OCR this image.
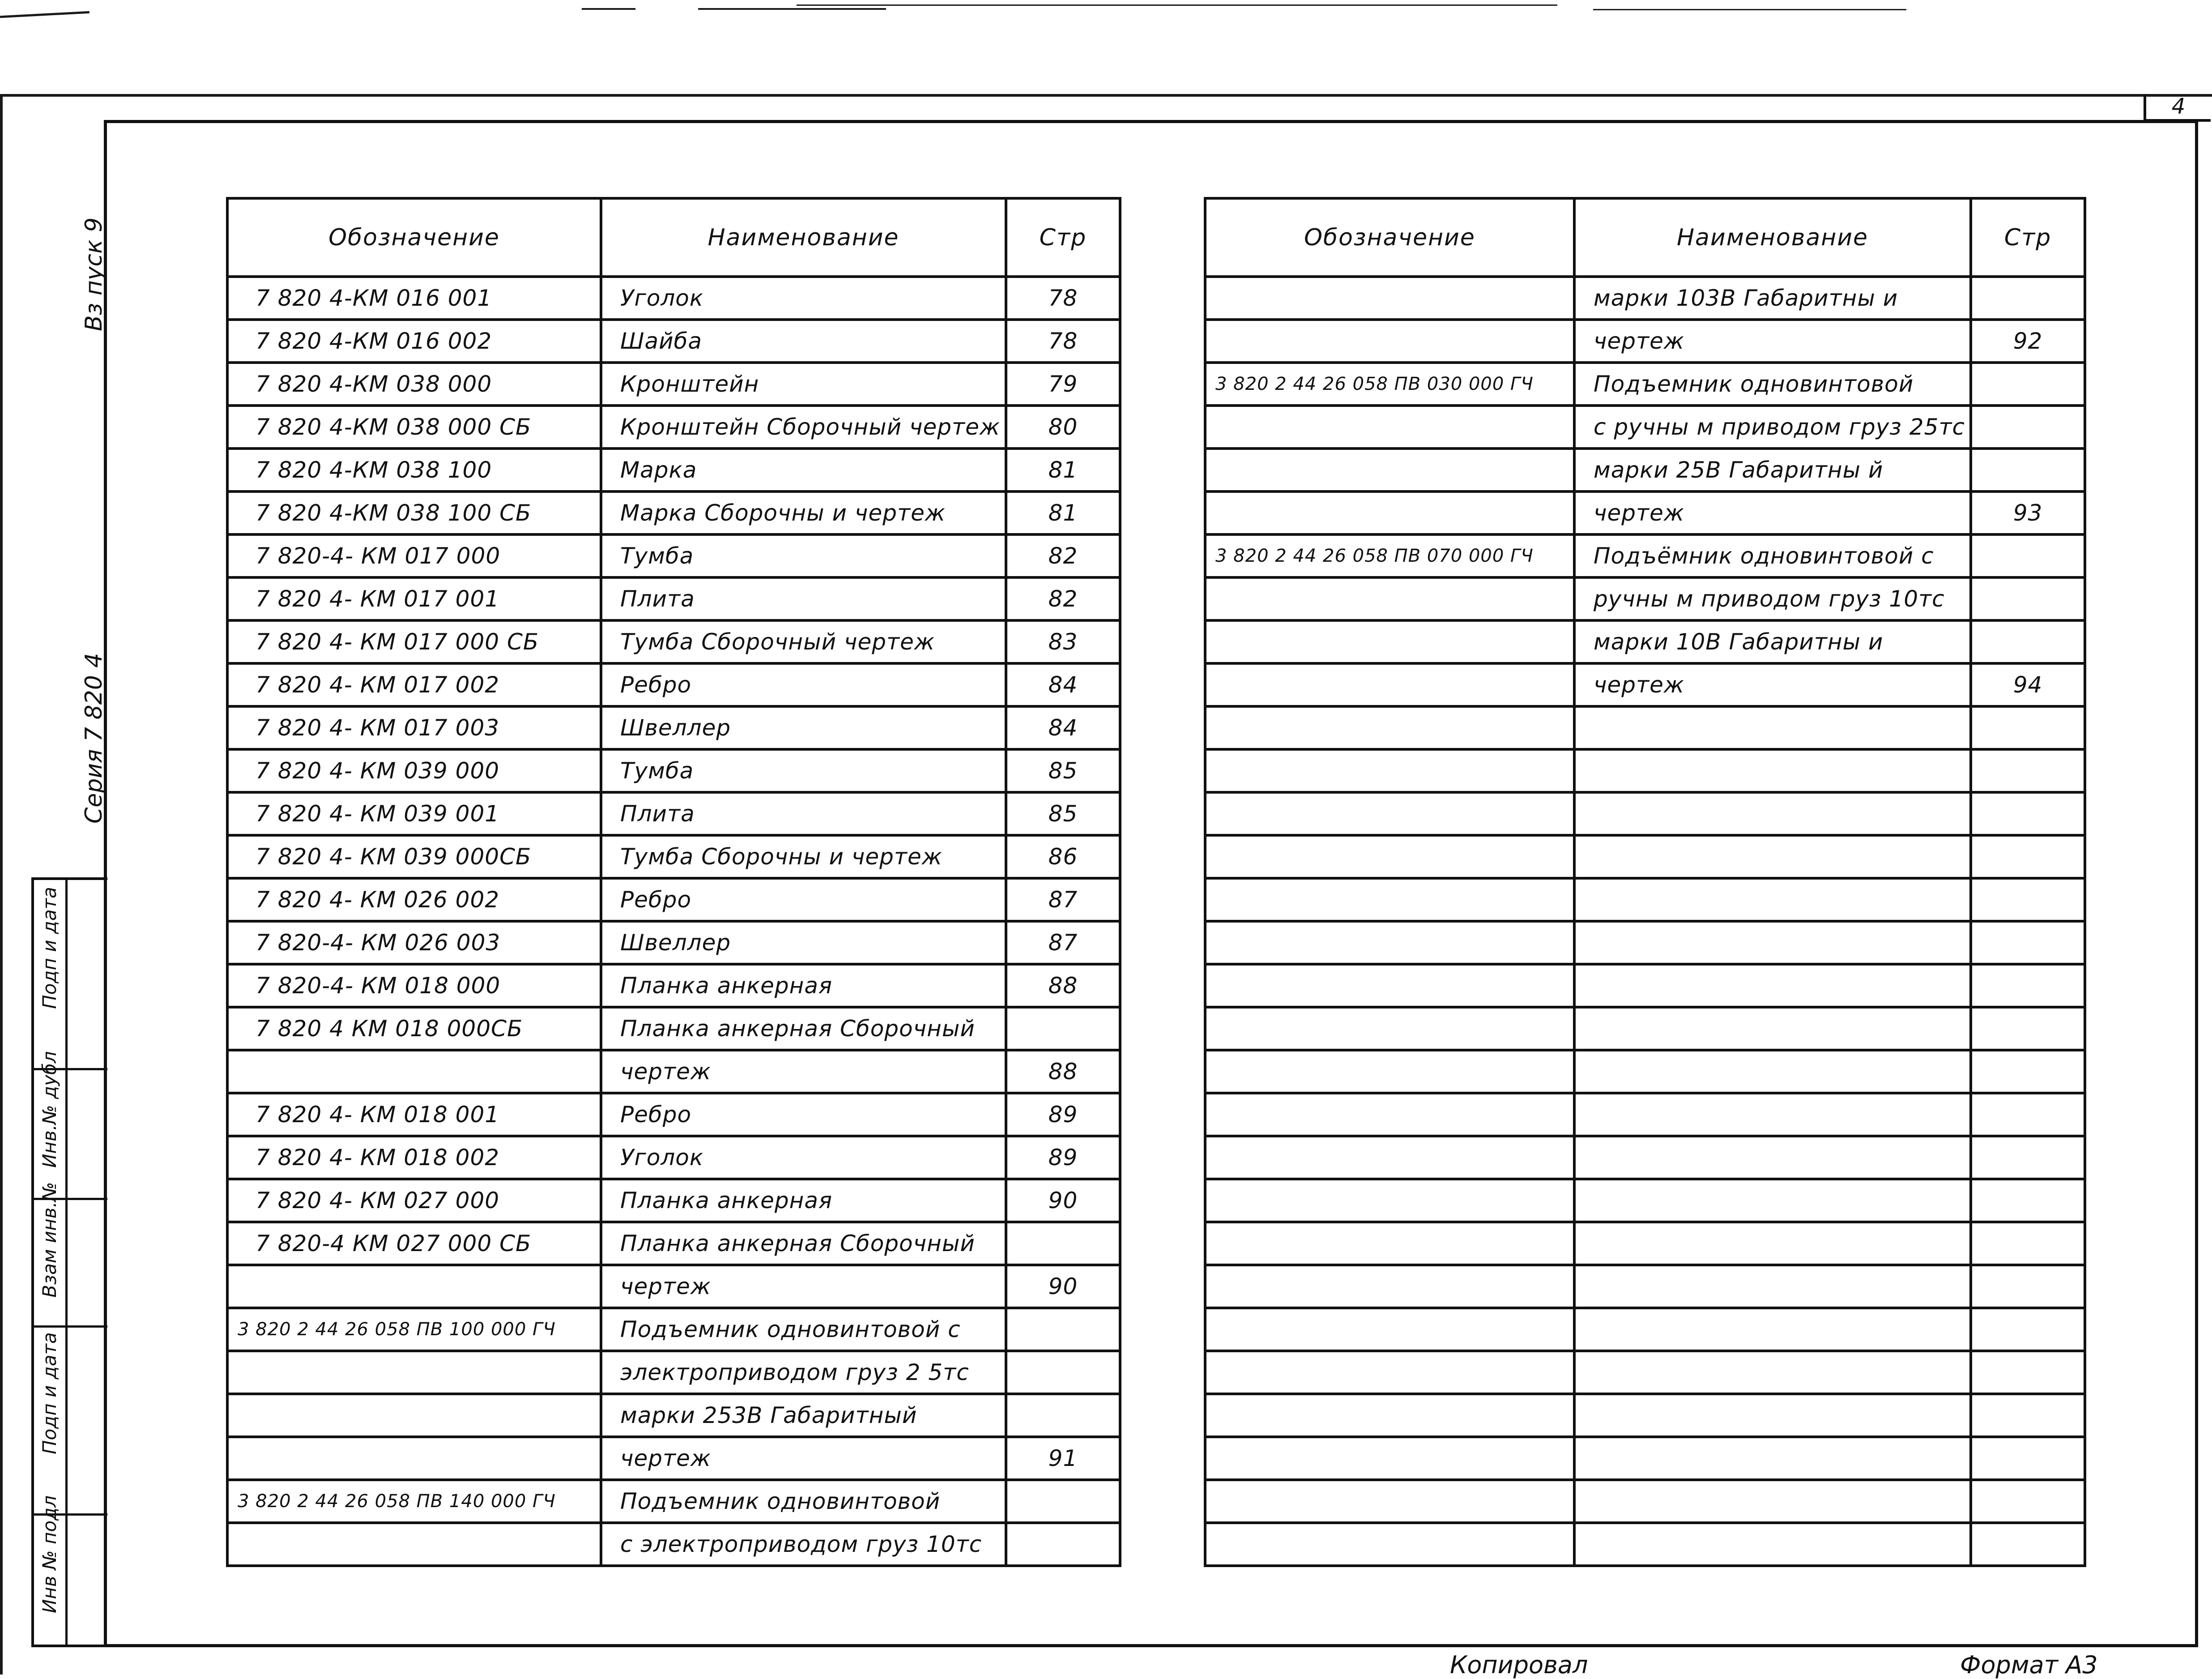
4
Вз пуск 9
Серия 7 820 4
Подп и дата
Инв.№ дубл
Взам инв.№
Подп и дата
Инв № подл
Обозначение	Наименование	Стр
7 820 4-КМ 016 001	Уголок	78
7 820 4-КМ 016 002	Шайба	78
7 820 4-КМ 038 000	Кронштейн	79
7 820 4-КМ 038 000 СБ	Кронштейн Сборочный чертеж	80
7 820 4-КМ 038 100	Марка	81
7 820 4-КМ 038 100 СБ	Марка Сборочны и чертеж	81
7 820-4- КМ 017 000	Тумба	82
7 820 4- КМ 017 001	Плита	82
7 820 4- КМ 017 000 СБ	Тумба Сборочный чертеж	83
7 820 4- КМ 017 002	Ребро	84
7 820 4- КМ 017 003	Швеллер	84
7 820 4- КМ 039 000	Тумба	85
7 820 4- КМ 039 001	Плита	85
7 820 4- КМ 039 000СБ	Тумба Сборочны и чертеж	86
7 820 4- КМ 026 002	Ребро	87
7 820-4- КМ 026 003	Швеллер	87
7 820-4- КМ 018 000	Планка анкерная	88
7 820 4 КМ 018 000СБ	Планка анкерная Сборочный	
	чертеж	88
7 820 4- КМ 018 001	Ребро	89
7 820 4- КМ 018 002	Уголок	89
7 820 4- КМ 027 000	Планка анкерная	90
7 820-4 КМ 027 000 СБ	Планка анкерная Сборочный	
	чертеж	90
3 820 2 44 26 058 ПВ 100 000 ГЧ	Подъемник одновинтовой с	
	электроприводом груз 2 5тс	
	марки 253В Габаритный	
	чертеж	91
3 820 2 44 26 058 ПВ 140 000 ГЧ	Подъемник одновинтовой	
	с электроприводом груз 10тс	
Обозначение	Наименование	Стр
	марки 103В Габаритны и	
	чертеж	92
3 820 2 44 26 058 ПВ 030 000 ГЧ	Подъемник одновинтовой	
	с ручны м приводом груз 25тс	
	марки 25В Габаритны й	
	чертеж	93
3 820 2 44 26 058 ПВ 070 000 ГЧ	Подъёмник одновинтовой с	
	ручны м приводом груз 10тс	
	марки 10В Габаритны и	
	чертеж	94

Копировал	Формат А3
